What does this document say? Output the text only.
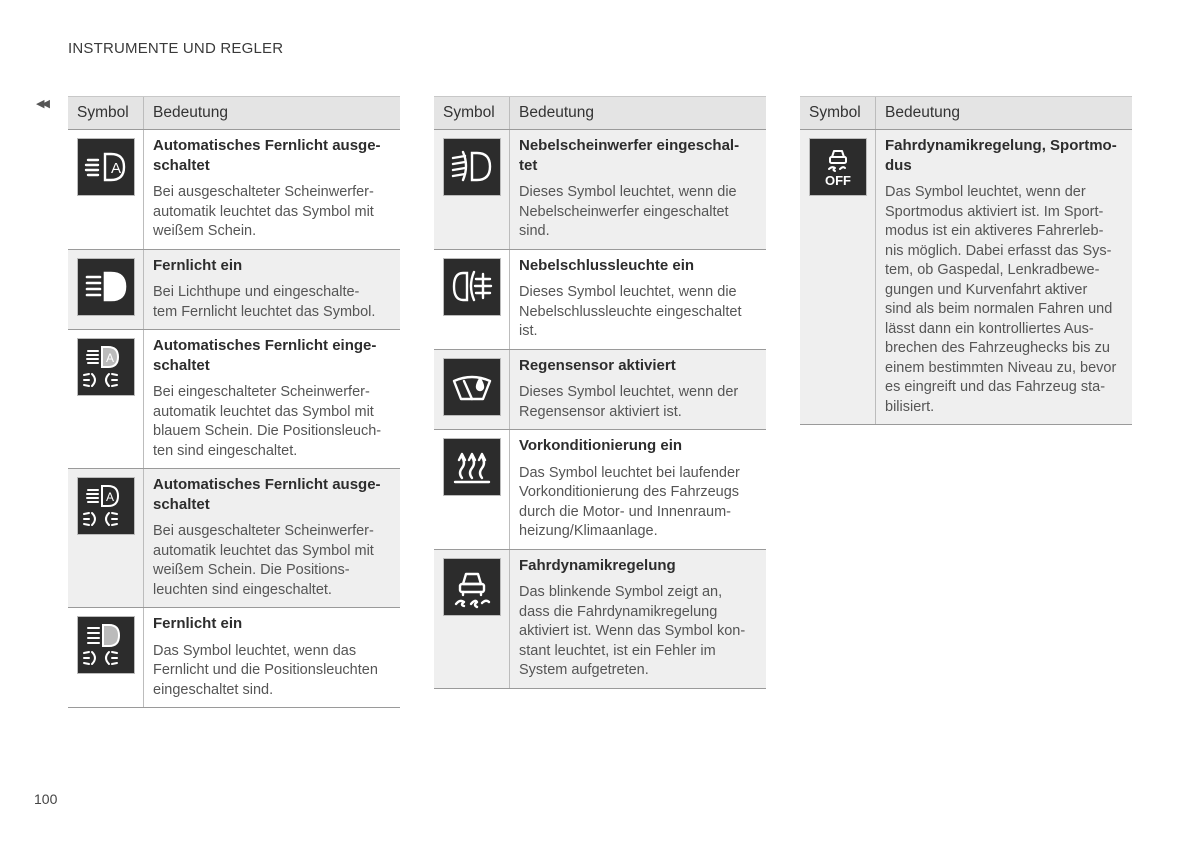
INSTRUMENTE UND REGLER
◀◀
100
Symbol	Bedeutung
A

Automatisches Fernlicht ausge-
schaltet

Bei ausgeschalteter Scheinwerfer-
automatik leuchtet das Symbol mit
weißem Schein.

Fernlicht ein

Bei Lichthupe und eingeschalte-
tem Fernlicht leuchtet das Symbol.

A

Automatisches Fernlicht einge-
schaltet

Bei eingeschalteter Scheinwerfer-
automatik leuchtet das Symbol mit
blauem Schein. Die Positionsleuch-
ten sind eingeschaltet.

A

Automatisches Fernlicht ausge-
schaltet

Bei ausgeschalteter Scheinwerfer-
automatik leuchtet das Symbol mit
weißem Schein. Die Positions-
leuchten sind eingeschaltet.

Fernlicht ein

Das Symbol leuchtet, wenn das
Fernlicht und die Positionsleuchten
eingeschaltet sind.

Symbol	Bedeutung

Nebelscheinwerfer eingeschal-
tet

Dieses Symbol leuchtet, wenn die
Nebelscheinwerfer eingeschaltet
sind.

Nebelschlussleuchte ein

Dieses Symbol leuchtet, wenn die
Nebelschlussleuchte eingeschaltet
ist.

Regensensor aktiviert

Dieses Symbol leuchtet, wenn der
Regensensor aktiviert ist.

Vorkonditionierung ein

Das Symbol leuchtet bei laufender
Vorkonditionierung des Fahrzeugs
durch die Motor- und Innenraum-
heizung/Klimaanlage.

Fahrdynamikregelung

Das blinkende Symbol zeigt an,
dass die Fahrdynamikregelung
aktiviert ist. Wenn das Symbol kon-
stant leuchtet, ist ein Fehler im
System aufgetreten.

Symbol	Bedeutung
OFF

Fahrdynamikregelung, Sportmo-
dus

Das Symbol leuchtet, wenn der
Sportmodus aktiviert ist. Im Sport-
modus ist ein aktiveres Fahrerleb-
nis möglich. Dabei erfasst das Sys-
tem, ob Gaspedal, Lenkradbewe-
gungen und Kurvenfahrt aktiver
sind als beim normalen Fahren und
lässt dann ein kontrolliertes Aus-
brechen des Fahrzeughecks bis zu
einem bestimmten Niveau zu, bevor
es eingreift und das Fahrzeug sta-
bilisiert.
